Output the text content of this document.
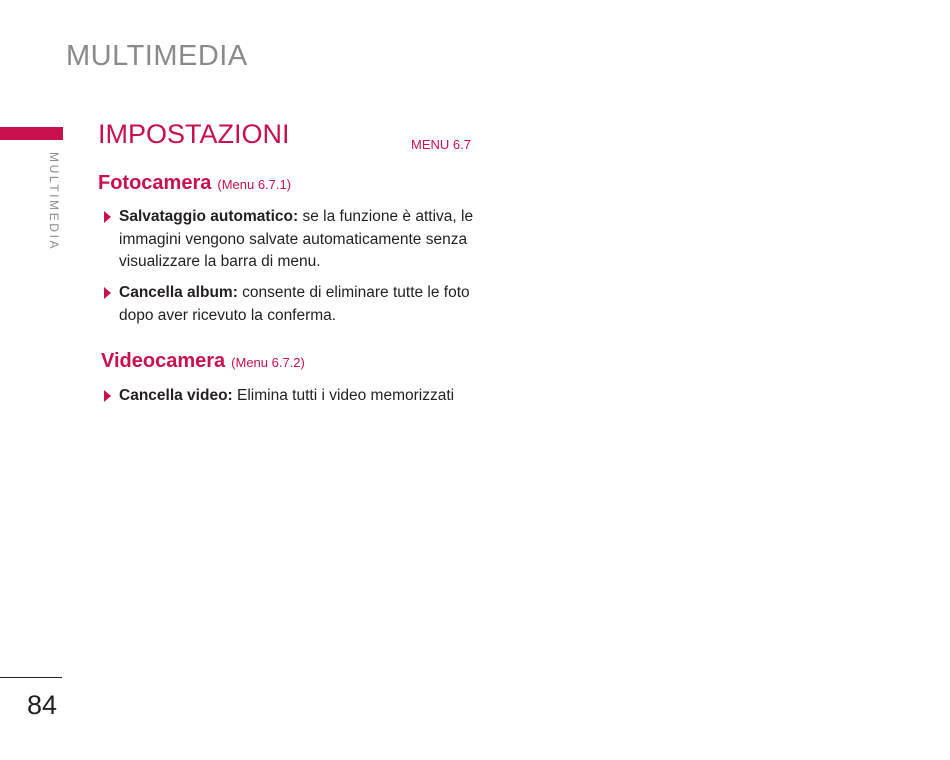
MULTIMEDIA
MULTIMEDIA
IMPOSTAZIONI	MENU 6.7
Fotocamera (Menu 6.7.1)
Salvataggio automatico: se la funzione è attiva, le immagini vengono salvate automaticamente senza visualizzare la barra di menu.
Cancella album: consente di eliminare tutte le foto dopo aver ricevuto la conferma.
Videocamera (Menu 6.7.2)
Cancella video: Elimina tutti i video memorizzati
84
